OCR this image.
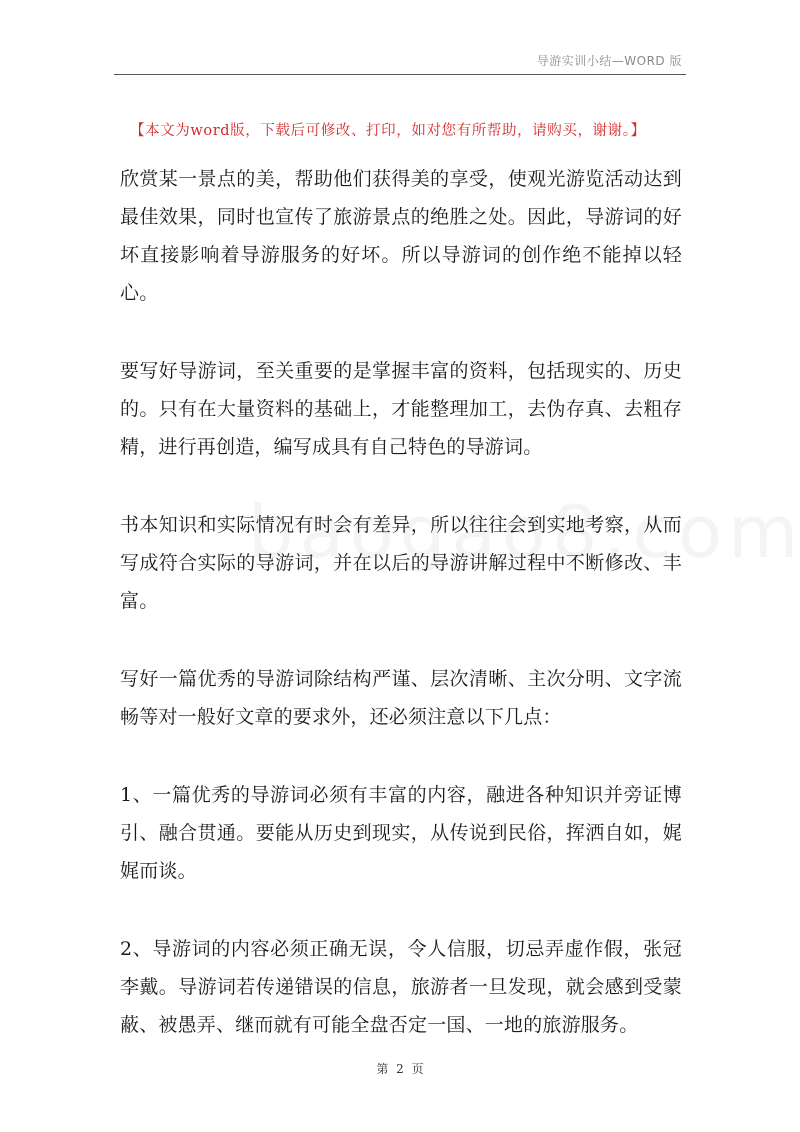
导游实训小结—WORD 版
【本文为word版，下载后可修改、打印，如对您有所帮助，请购买，谢谢。】

欣赏某一景点的美，帮助他们获得美的享受，使观光游览活动达到最佳效果，同时也宣传了旅游景点的绝胜之处。因此，导游词的好坏直接影响着导游服务的好坏。所以导游词的创作绝不能掉以轻心。

要写好导游词，至关重要的是掌握丰富的资料，包括现实的、历史的。只有在大量资料的基础上，才能整理加工，去伪存真、去粗存精，进行再创造，编写成具有自己特色的导游词。

书本知识和实际情况有时会有差异，所以往往会到实地考察，从而写成符合实际的导游词，并在以后的导游讲解过程中不断修改、丰富。

写好一篇优秀的导游词除结构严谨、层次清晰、主次分明、文字流畅等对一般好文章的要求外，还必须注意以下几点：

1、一篇优秀的导游词必须有丰富的内容，融进各种知识并旁证博引、融合贯通。要能从历史到现实，从传说到民俗，挥洒自如，娓娓而谈。

2、导游词的内容必须正确无误，令人信服，切忌弄虚作假，张冠李戴。导游词若传递错误的信息，旅游者一旦发现，就会感到受蒙蔽、被愚弄、继而就有可能全盘否定一国、一地的旅游服务。

第 2 页
